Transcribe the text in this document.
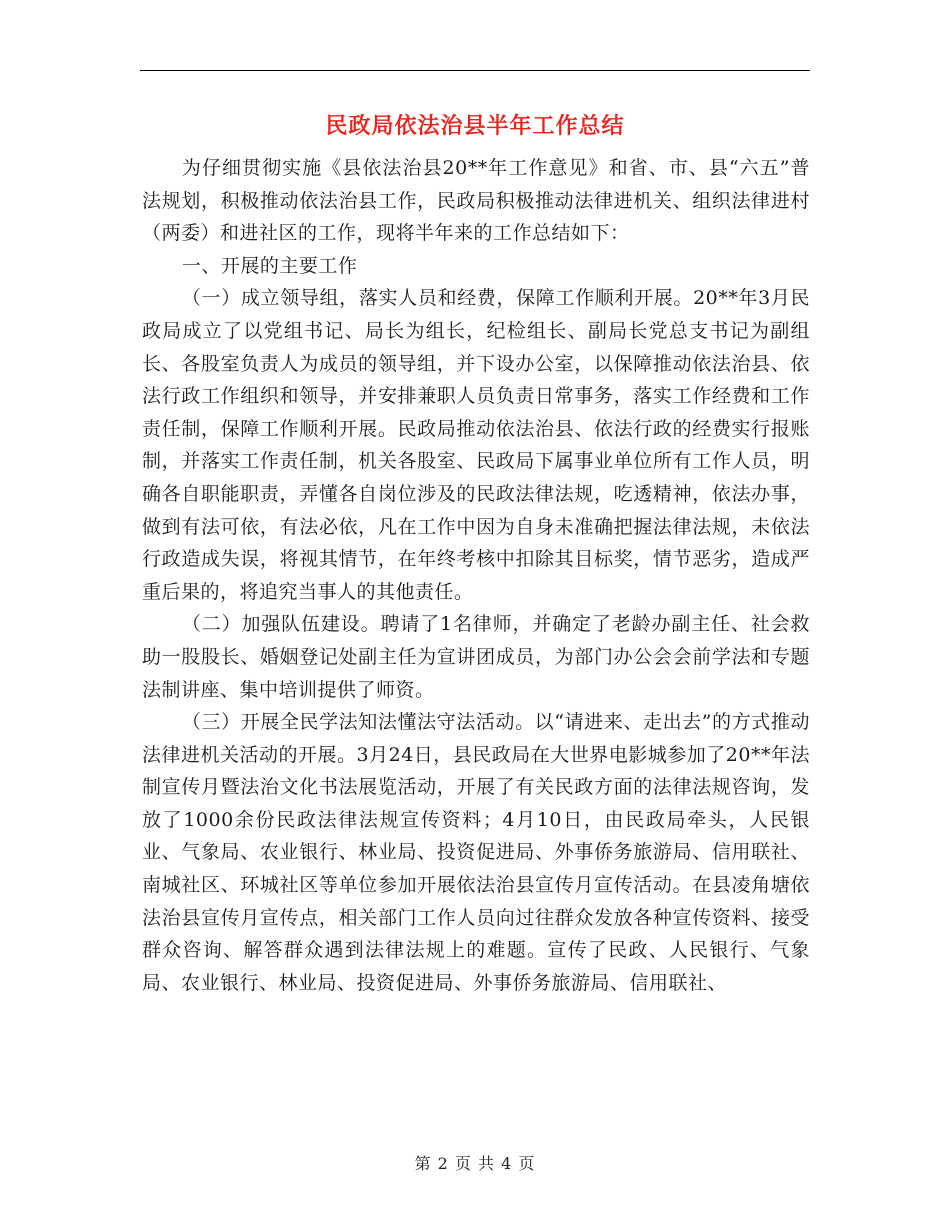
民政局依法治县半年工作总结

为仔细贯彻实施《县依法治县20**年工作意见》和省、市、县“六五”普法规划，积极推动依法治县工作，民政局积极推动法律进机关、组织法律进村（两委）和进社区的工作，现将半年来的工作总结如下：

一、开展的主要工作

（一）成立领导组，落实人员和经费，保障工作顺利开展。20**年3月民政局成立了以党组书记、局长为组长，纪检组长、副局长党总支书记为副组长、各股室负责人为成员的领导组，并下设办公室，以保障推动依法治县、依法行政工作组织和领导，并安排兼职人员负责日常事务，落实工作经费和工作责任制，保障工作顺利开展。民政局推动依法治县、依法行政的经费实行报账制，并落实工作责任制，机关各股室、民政局下属事业单位所有工作人员，明确各自职能职责，弄懂各自岗位涉及的民政法律法规，吃透精神，依法办事，做到有法可依，有法必依，凡在工作中因为自身未准确把握法律法规，未依法行政造成失误，将视其情节，在年终考核中扣除其目标奖，情节恶劣，造成严重后果的，将追究当事人的其他责任。

（二）加强队伍建设。聘请了1名律师，并确定了老龄办副主任、社会救助一股股长、婚姻登记处副主任为宣讲团成员，为部门办公会会前学法和专题法制讲座、集中培训提供了师资。

（三）开展全民学法知法懂法守法活动。以“请进来、走出去”的方式推动法律进机关活动的开展。3月24日，县民政局在大世界电影城参加了20**年法制宣传月暨法治文化书法展览活动，开展了有关民政方面的法律法规咨询，发放了1000余份民政法律法规宣传资料；4月10日，由民政局牵头，人民银业、气象局、农业银行、林业局、投资促进局、外事侨务旅游局、信用联社、南城社区、环城社区等单位参加开展依法治县宣传月宣传活动。在县凌角塘依法治县宣传月宣传点，相关部门工作人员向过往群众发放各种宣传资料、接受群众咨询、解答群众遇到法律法规上的难题。宣传了民政、人民银行、气象局、农业银行、林业局、投资促进局、外事侨务旅游局、信用联社、

第 2 页 共 4 页
